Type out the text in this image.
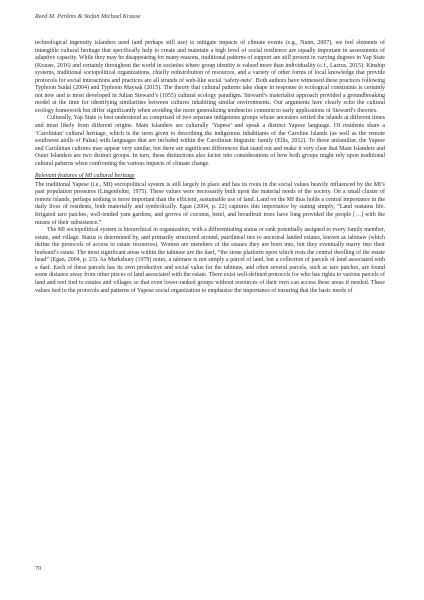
Reed M. Perkins & Stefan Michael Krause

technological ingenuity islanders used (and perhaps still use) to mitigate impacts of climate events (e.g., Nunn, 2007), we feel elements of intangible cultural heritage that specifically help to create and maintain a high level of social resilience are equally important in assessments of adaptive capacity. While they may be disappearing for many reasons, traditional patterns of support are still present in varying degrees in Yap State (Krause, 2016) and certainly throughout the world in societies where group identity is valued more than individuality (c.f., Lazrus, 2015). Kinship systems, traditional sociopolitical organizations, chiefly redistribution of resources, and a variety of other forms of local knowledge that provide protocols for social interactions and practices are all strands of web-like social ‘safety-nets’. Both authors have witnessed these practices following Typhoon Sudal (2004) and Typhoon Maysak (2015). The theory that cultural patterns take shape in response to ecological constraints is certainly not new and is most developed in Julian Steward’s (1955) cultural ecology paradigm. Steward’s materialist approach provided a groundbreaking model at the time for identifying similarities between cultures inhabiting similar environments. Our arguments here clearly echo the cultural ecology framework but differ significantly when avoiding the more generalizing tendencies common to early applications of Steward’s theories.

Culturally, Yap State is best understood as comprised of two separate indigenous groups whose ancestors settled the islands at different times and most likely from different origins. Main Islanders are culturally ‘Yapese’ and speak a distinct Yapese language. OI residents share a ‘Carolinian’ cultural heritage, which is the term given to describing the indigenous inhabitants of the Caroline Islands (as well as the remote southwest atolls of Palau) with languages that are included within the Carolinian linguistic family (Ellis, 2012). To those unfamiliar, the Yapese and Carolinian cultures may appear very similar, but there are significant differences that stand out and make it very clear that Main Islanders and Outer Islanders are two distinct groups. In turn, these distinctions also factor into considerations of how both groups might rely upon traditional cultural patterns when confronting the various impacts of climate change.

Relevant features of MI cultural heritage

The traditional Yapese (i.e., MI) sociopolitical system is still largely in place and has its roots in the social values heavily influenced by the MI’s past population pressures (Lingenfelter, 1975). These values were necessarily built upon the material needs of the society. On a small cluster of remote islands, perhaps nothing is more important than the efficient, sustainable use of land. Land on the MI thus holds a central importance in the daily lives of residents, both materially and symbolically. Egan (2004, p. 22) captures this importance by stating simply, “Land sustains life. Irrigated taro patches, well-tended yam gardens, and groves of coconut, betel, and breadfruit trees have long provided the people […] with the means of their subsistence.”

The MI sociopolitical system is hierarchical in organization, with a differentiating status or rank potentially assigned to every family member, estate, and village. Status is determined by, and primarily structured around, patrilineal ties to ancestral landed estates, known as tabinaw (which define the protocols of access to estate resources). Women are members of the estates they are born into, but they eventually marry into their husband’s estate. The most significant areas within the tabinaw are the daef, “the stone platform upon which rests the central dwelling of the estate head” (Egan, 2004, p. 23). As Marksbury (1979) notes, a tabinaw is not simply a parcel of land, but a collection of parcels of land associated with a daef. Each of these parcels has its own productive and social value for the tabinaw, and often several parcels, such as taro patches, are found some distance away from other pieces of land associated with the estate. There exist well-defined protocols for who has rights to various parcels of land and reef tied to estates and villages so that even lower-ranked groups without resources of their own can access these areas if needed. These values tied to the protocols and patterns of Yapese social organization to emphasize the importance of ensuring that the basic needs of

70
